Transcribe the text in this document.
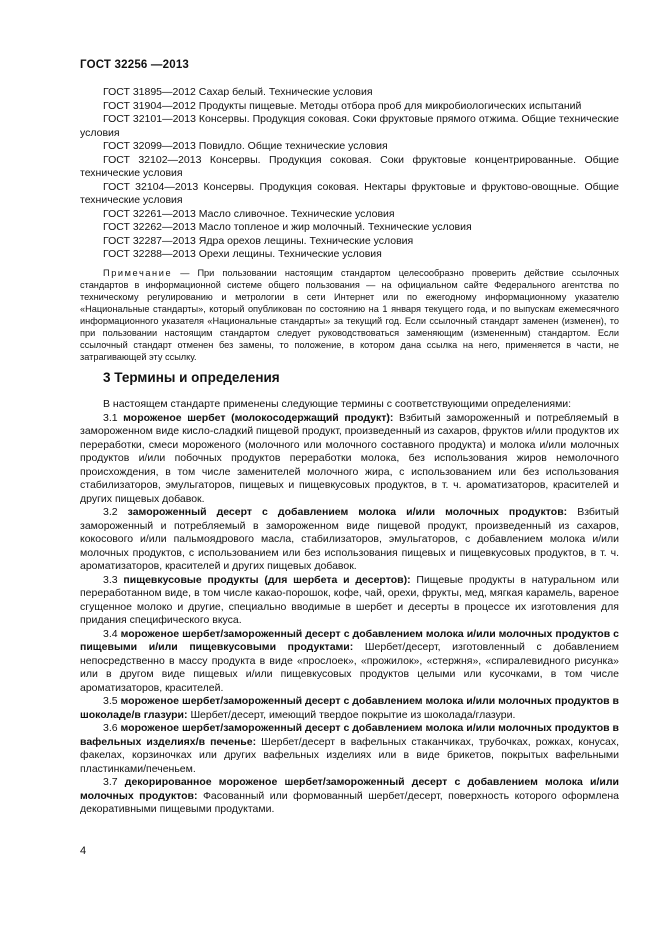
ГОСТ 32256 —2013

ГОСТ 31895—2012 Сахар белый. Технические условия

ГОСТ 31904—2012 Продукты пищевые. Методы отбора проб для микробиологических испытаний

ГОСТ 32101—2013 Консервы. Продукция соковая. Соки фруктовые прямого отжима. Общие технические условия

ГОСТ 32099—2013 Повидло. Общие технические условия

ГОСТ 32102—2013 Консервы. Продукция соковая. Соки фруктовые концентрированные. Общие технические условия

ГОСТ 32104—2013 Консервы. Продукция соковая. Нектары фруктовые и фруктово-овощные. Общие технические условия

ГОСТ 32261—2013 Масло сливочное. Технические условия

ГОСТ 32262—2013 Масло топленое и жир молочный. Технические условия

ГОСТ 32287—2013 Ядра орехов лещины. Технические условия

ГОСТ 32288—2013 Орехи лещины. Технические условия

Примечание — При пользовании настоящим стандартом целесообразно проверить действие ссылочных стандартов в информационной системе общего пользования — на официальном сайте Федерального агентства по техническому регулированию и метрологии в сети Интернет или по ежегодному информационному указателю «Национальные стандарты», который опубликован по состоянию на 1 января текущего года, и по выпускам ежемесячного информационного указателя «Национальные стандарты» за текущий год. Если ссылочный стандарт заменен (изменен), то при пользовании настоящим стандартом следует руководствоваться заменяющим (измененным) стандартом. Если ссылочный стандарт отменен без замены, то положение, в котором дана ссылка на него, применяется в части, не затрагивающей эту ссылку.

3 Термины и определения

В настоящем стандарте применены следующие термины с соответствующими определениями:

3.1 мороженое шербет (молокосодержащий продукт): Взбитый замороженный и потребляемый в замороженном виде кисло-сладкий пищевой продукт, произведенный из сахаров, фруктов и/или продуктов их переработки, смеси мороженого (молочного или молочного составного продукта) и молока и/или молочных продуктов и/или побочных продуктов переработки молока, без использования жиров немолочного происхождения, в том числе заменителей молочного жира, с использованием или без использования стабилизаторов, эмульгаторов, пищевых и пищевкусовых продуктов, в т. ч. ароматизаторов, красителей и других пищевых добавок.

3.2 замороженный десерт с добавлением молока и/или молочных продуктов: Взбитый замороженный и потребляемый в замороженном виде пищевой продукт, произведенный из сахаров, кокосового и/или пальмоядрового масла, стабилизаторов, эмульгаторов, с добавлением молока и/или молочных продуктов, с использованием или без использования пищевых и пищевкусовых продуктов, в т. ч. ароматизаторов, красителей и других пищевых добавок.

3.3 пищевкусовые продукты (для шербета и десертов): Пищевые продукты в натуральном или переработанном виде, в том числе какао-порошок, кофе, чай, орехи, фрукты, мед, мягкая карамель, вареное сгущенное молоко и другие, специально вводимые в шербет и десерты в процессе их изготовления для придания специфического вкуса.

3.4 мороженое шербет/замороженный десерт с добавлением молока и/или молочных продуктов с пищевыми и/или пищевкусовыми продуктами: Шербет/десерт, изготовленный с добавлением непосредственно в массу продукта в виде «прослоек», «прожилок», «стержня», «спиралевидного рисунка» или в другом виде пищевых и/или пищевкусовых продуктов целыми или кусочками, в том числе ароматизаторов, красителей.

3.5 мороженое шербет/замороженный десерт с добавлением молока и/или молочных продуктов в шоколаде/в глазури: Шербет/десерт, имеющий твердое покрытие из шоколада/глазури.

3.6 мороженое шербет/замороженный десерт с добавлением молока и/или молочных продуктов в вафельных изделиях/в печенье: Шербет/десерт в вафельных стаканчиках, трубочках, рожках, конусах, факелах, корзиночках или других вафельных изделиях или в виде брикетов, покрытых вафельными пластинками/печеньем.

3.7 декорированное мороженое шербет/замороженный десерт с добавлением молока и/или молочных продуктов: Фасованный или формованный шербет/десерт, поверхность которого оформлена декоративными пищевыми продуктами.

4
